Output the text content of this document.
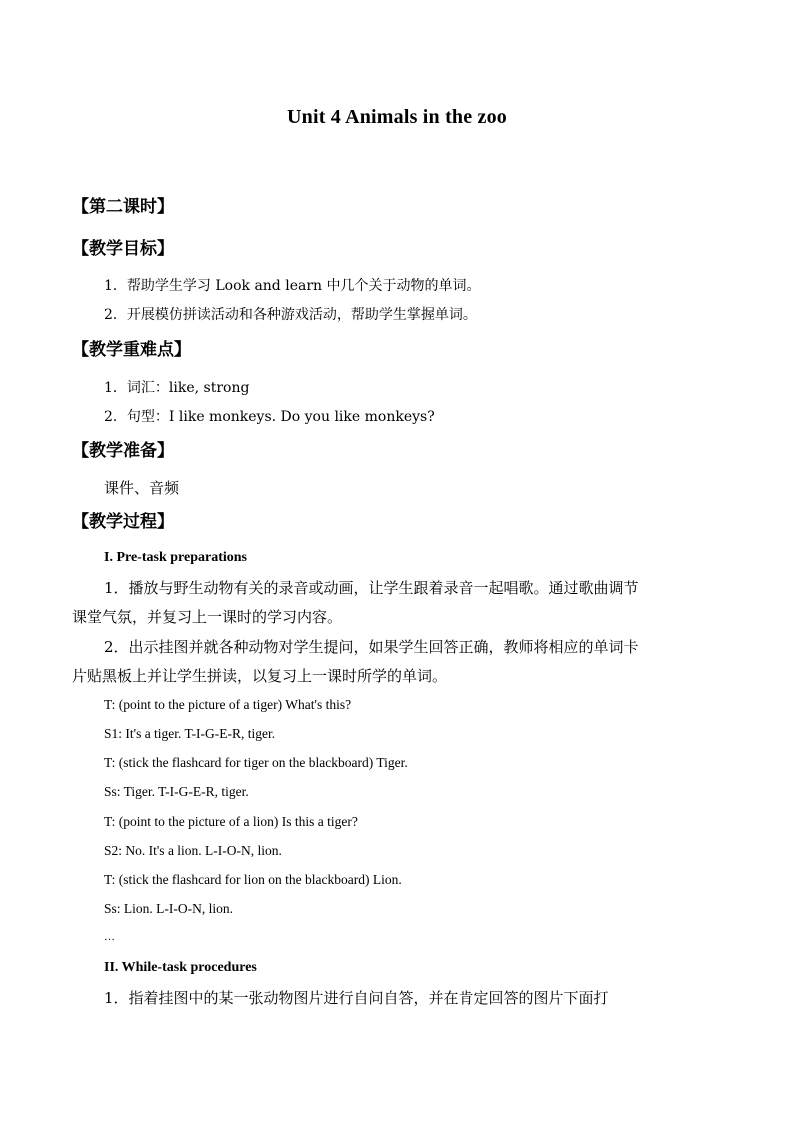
Unit 4 Animals in the zoo
【第二课时】
【教学目标】
1．帮助学生学习 Look and learn 中几个关于动物的单词。
2．开展模仿拼读活动和各种游戏活动，帮助学生掌握单词。
【教学重难点】
1．词汇：like, strong
2．句型：I like monkeys. Do you like monkeys?
【教学准备】
课件、音频
【教学过程】
I. Pre-task preparations
1．播放与野生动物有关的录音或动画，让学生跟着录音一起唱歌。通过歌曲调节
课堂气氛，并复习上一课时的学习内容。
2．出示挂图并就各种动物对学生提问，如果学生回答正确，教师将相应的单词卡
片贴黑板上并让学生拼读，以复习上一课时所学的单词。
T: (point to the picture of a tiger) What's this?
S1: It's a tiger. T-I-G-E-R, tiger.
T: (stick the flashcard for tiger on the blackboard) Tiger.
Ss: Tiger. T-I-G-E-R, tiger.
T: (point to the picture of a lion) Is this a tiger?
S2: No. It's a lion. L-I-O-N, lion.
T: (stick the flashcard for lion on the blackboard) Lion.
Ss: Lion. L-I-O-N, lion.
…
II. While-task procedures
1．指着挂图中的某一张动物图片进行自问自答，并在肯定回答的图片下面打
